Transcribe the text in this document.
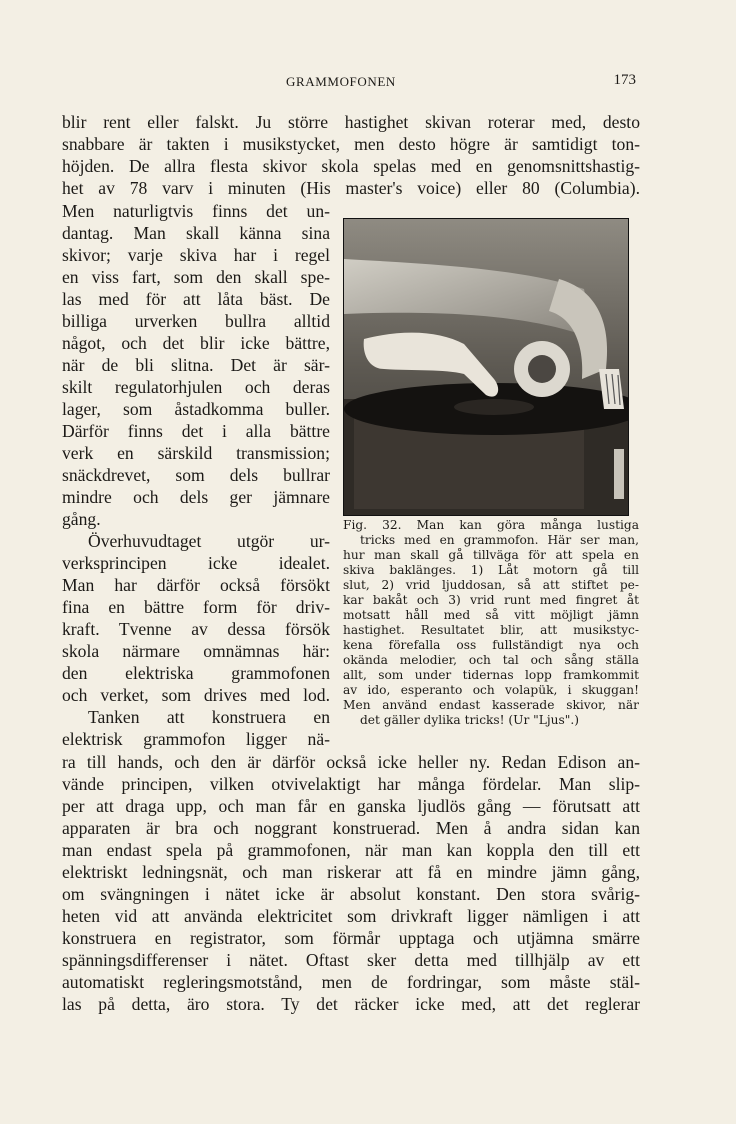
GRAMMOFONEN	173
blir rent eller falskt. Ju större hastighet skivan roterar med, desto
snabbare är takten i musikstycket, men desto högre är samtidigt ton-
höjden. De allra flesta skivor skola spelas med en genomsnittshastig-
het av 78 varv i minuten (His master's voice) eller 80 (Columbia).
Men naturligtvis finns det un-
dantag. Man skall känna sina
skivor; varje skiva har i regel
en viss fart, som den skall spe-
las med för att låta bäst. De
billiga urverken bullra alltid
något, och det blir icke bättre,
när de bli slitna. Det är sär-
skilt regulatorhjulen och deras
lager, som åstadkomma buller.
Därför finns det i alla bättre
verk en särskild transmission;
snäckdrevet, som dels bullrar
mindre och dels ger jämnare
gång.
Överhuvudtaget utgör ur-
verksprincipen icke idealet.
Man har därför också försökt
fina en bättre form för driv-
kraft. Tvenne av dessa försök
skola närmare omnämnas här:
den elektriska grammofonen
och verket, som drives med lod.
Tanken att konstruera en
elektrisk grammofon ligger nä-
ra till hands, och den är därför också icke heller ny. Redan Edison an-
vände principen, vilken otvivelaktigt har många fördelar. Man slip-
per att draga upp, och man får en ganska ljudlös gång — förutsatt att
apparaten är bra och noggrant konstruerad. Men å andra sidan kan
man endast spela på grammofonen, när man kan koppla den till ett
elektriskt ledningsnät, och man riskerar att få en mindre jämn gång,
om svängningen i nätet icke är absolut konstant. Den stora svårig-
heten vid att använda elektricitet som drivkraft ligger nämligen i att
konstruera en registrator, som förmår upptaga och utjämna smärre
spänningsdifferenser i nätet. Oftast sker detta med tillhjälp av ett
automatiskt regleringsmotstånd, men de fordringar, som måste stäl-
las på detta, äro stora. Ty det räcker icke med, att det reglerar
Fig. 32. Man kan göra många lustiga
tricks med en grammofon. Här ser man,
hur man skall gå tillväga för att spela en
skiva baklänges. 1) Låt motorn gå till
slut, 2) vrid ljuddosan, så att stiftet pe-
kar bakåt och 3) vrid runt med fingret åt
motsatt håll med så vitt möjligt jämn
hastighet. Resultatet blir, att musikstyc-
kena förefalla oss fullständigt nya och
okända melodier, och tal och sång ställa
allt, som under tidernas lopp framkommit
av ido, esperanto och volapük, i skuggan!
Men använd endast kasserade skivor, när
det gäller dylika tricks! (Ur "Ljus".)
